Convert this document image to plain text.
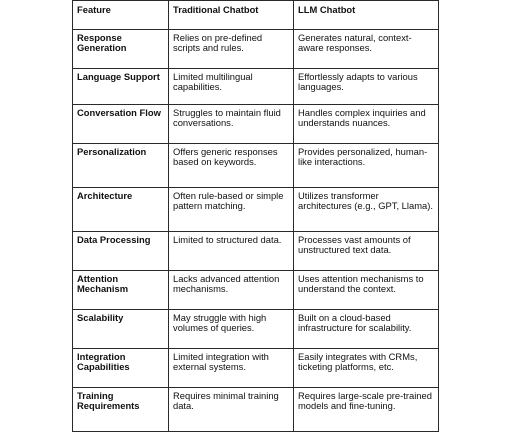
Feature	Traditional Chatbot	LLM Chatbot
Response Generation	Relies on pre-defined scripts and rules.	Generates natural, context-aware responses.
Language Support	Limited multilingual capabilities.	Effortlessly adapts to various languages.
Conversation Flow	Struggles to maintain fluid conversations.	Handles complex inquiries and understands nuances.
Personalization	Offers generic responses based on keywords.	Provides personalized, human-like interactions.
Architecture	Often rule-based or simple pattern matching.	Utilizes transformer architectures (e.g., GPT, Llama).
Data Processing	Limited to structured data.	Processes vast amounts of unstructured text data.
Attention Mechanism	Lacks advanced attention mechanisms.	Uses attention mechanisms to understand the context.
Scalability	May struggle with high volumes of queries.	Built on a cloud-based infrastructure for scalability.
Integration Capabilities	Limited integration with external systems.	Easily integrates with CRMs, ticketing platforms, etc.
Training Requirements	Requires minimal training data.	Requires large-scale pre-trained models and fine-tuning.
